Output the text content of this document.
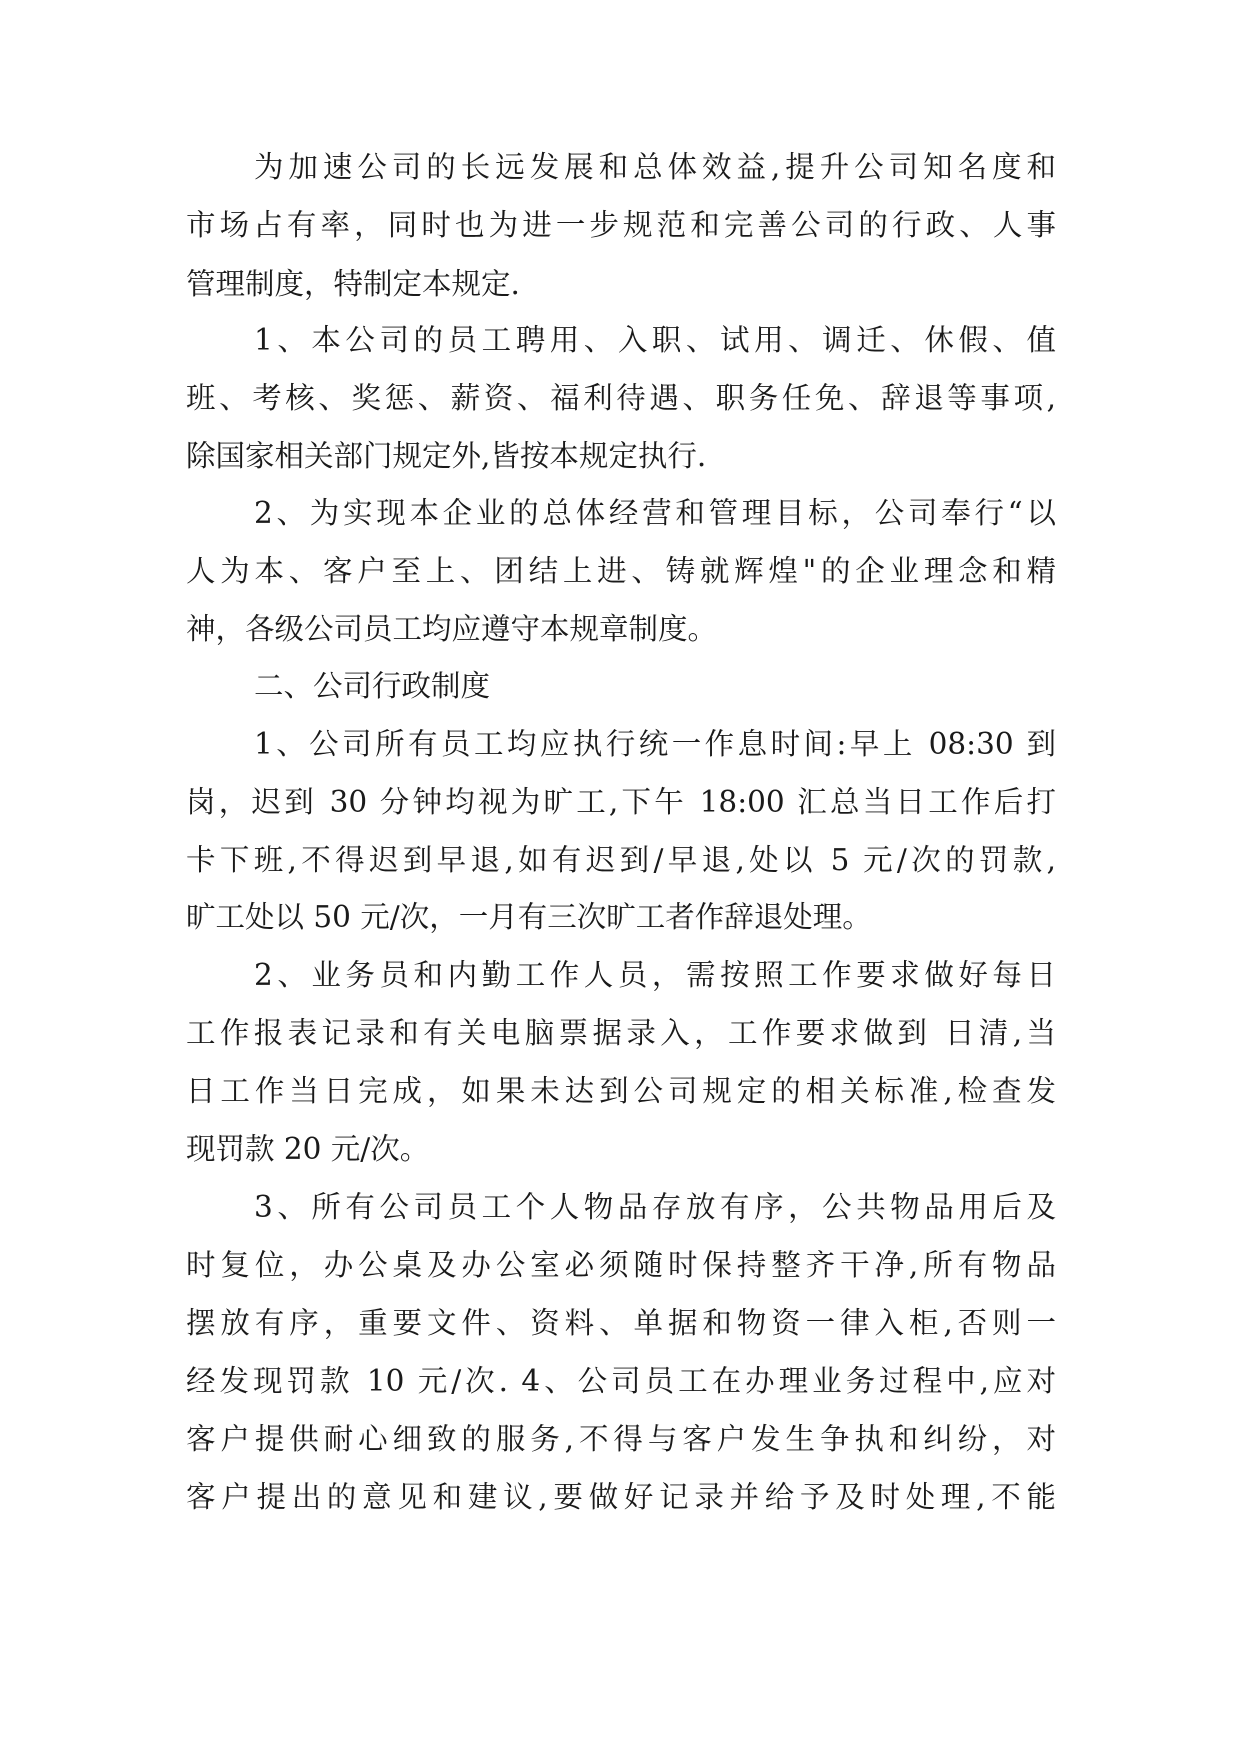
为加速公司的长远发展和总体效益,提升公司知名度和
市场占有率，同时也为进一步规范和完善公司的行政、人事
管理制度，特制定本规定.
1、本公司的员工聘用、入职、试用、调迁、休假、值
班、考核、奖惩、薪资、福利待遇、职务任免、辞退等事项,
除国家相关部门规定外,皆按本规定执行.
2、为实现本企业的总体经营和管理目标，公司奉行“以
人为本、客户至上、团结上进、铸就辉煌"的企业理念和精
神，各级公司员工均应遵守本规章制度。
二、公司行政制度
1、公司所有员工均应执行统一作息时间:早上 08:30 到
岗，迟到 30 分钟均视为旷工,下午 18:00 汇总当日工作后打
卡下班,不得迟到早退,如有迟到/早退,处以 5 元/次的罚款,
旷工处以 50 元/次，一月有三次旷工者作辞退处理。
2、业务员和内勤工作人员，需按照工作要求做好每日
工作报表记录和有关电脑票据录入，工作要求做到 日清,当
日工作当日完成，如果未达到公司规定的相关标准,检查发
现罚款 20 元/次。
3、所有公司员工个人物品存放有序，公共物品用后及
时复位，办公桌及办公室必须随时保持整齐干净,所有物品
摆放有序，重要文件、资料、单据和物资一律入柜,否则一
经发现罚款 10 元/次. 4、公司员工在办理业务过程中,应对
客户提供耐心细致的服务,不得与客户发生争执和纠纷，对
客户提出的意见和建议,要做好记录并给予及时处理,不能
